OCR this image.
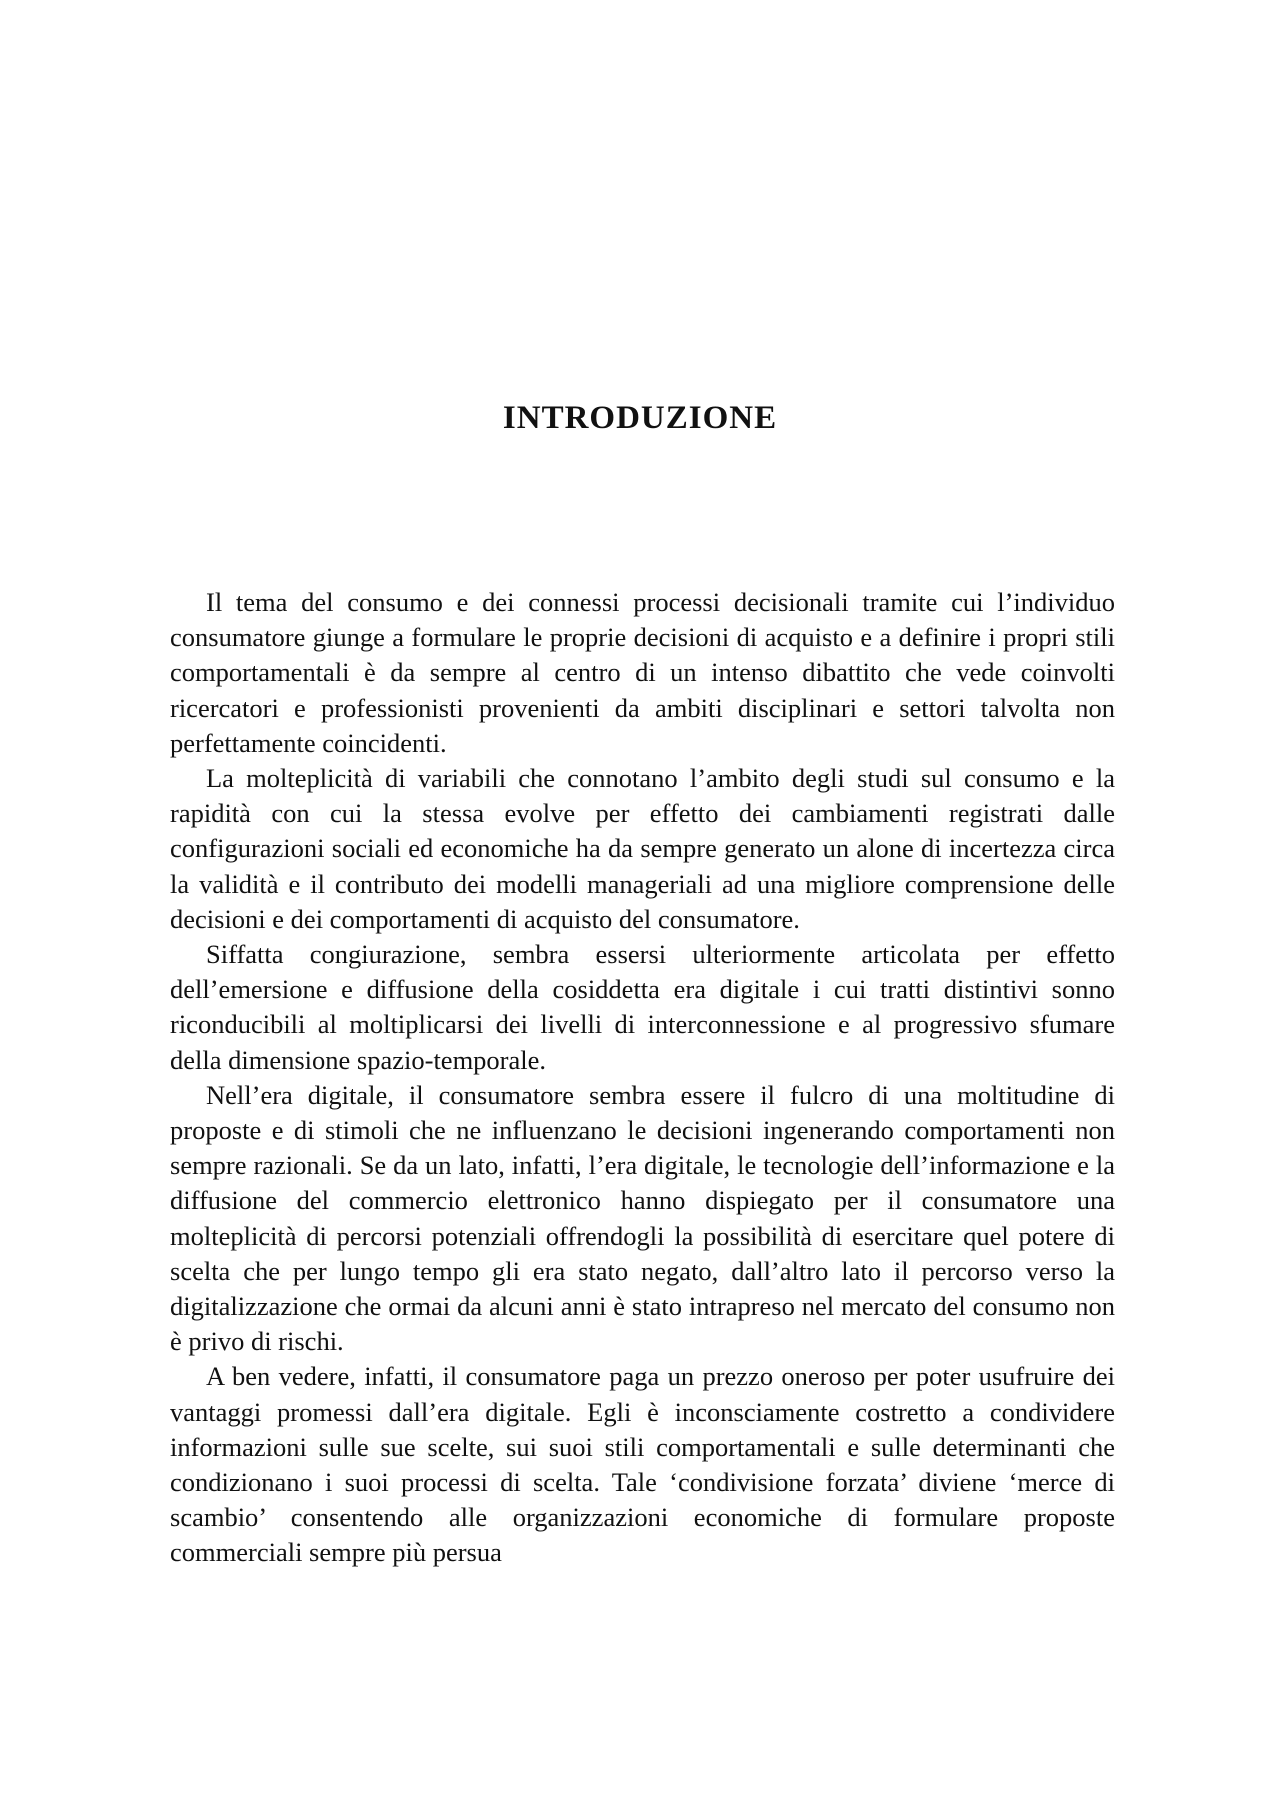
INTRODUZIONE

Il tema del consumo e dei connessi processi decisionali tramite cui l’individuo consumatore giunge a formulare le proprie decisioni di acquisto e a definire i propri stili comportamentali è da sempre al centro di un intenso dibattito che vede coinvolti ricercatori e professionisti provenienti da ambiti disciplinari e settori talvolta non perfettamente coincidenti.

La molteplicità di variabili che connotano l’ambito degli studi sul consumo e la rapidità con cui la stessa evolve per effetto dei cambiamenti registrati dalle configurazioni sociali ed economiche ha da sempre generato un alone di incertezza circa la validità e il contributo dei modelli manageriali ad una migliore comprensione delle decisioni e dei comportamenti di acquisto del consumatore.

Siffatta congiurazione, sembra essersi ulteriormente articolata per effetto dell’emersione e diffusione della cosiddetta era digitale i cui tratti distintivi sonno riconducibili al moltiplicarsi dei livelli di interconnessione e al progressivo sfumare della dimensione spazio-temporale.

Nell’era digitale, il consumatore sembra essere il fulcro di una moltitudine di proposte e di stimoli che ne influenzano le decisioni ingenerando comportamenti non sempre razionali. Se da un lato, infatti, l’era digitale, le tecnologie dell’informazione e la diffusione del commercio elettronico hanno dispiegato per il consumatore una molteplicità di percorsi potenziali offrendogli la possibilità di esercitare quel potere di scelta che per lungo tempo gli era stato negato, dall’altro lato il percorso verso la digitalizzazione che ormai da alcuni anni è stato intrapreso nel mercato del consumo non è privo di rischi.

A ben vedere, infatti, il consumatore paga un prezzo oneroso per poter usufruire dei vantaggi promessi dall’era digitale. Egli è inconsciamente costretto a condividere informazioni sulle sue scelte, sui suoi stili comportamentali e sulle determinanti che condizionano i suoi processi di scelta. Tale ‘condivisione forzata’ diviene ‘merce di scambio’ consentendo alle organizzazioni economiche di formulare proposte commerciali sempre più persua
